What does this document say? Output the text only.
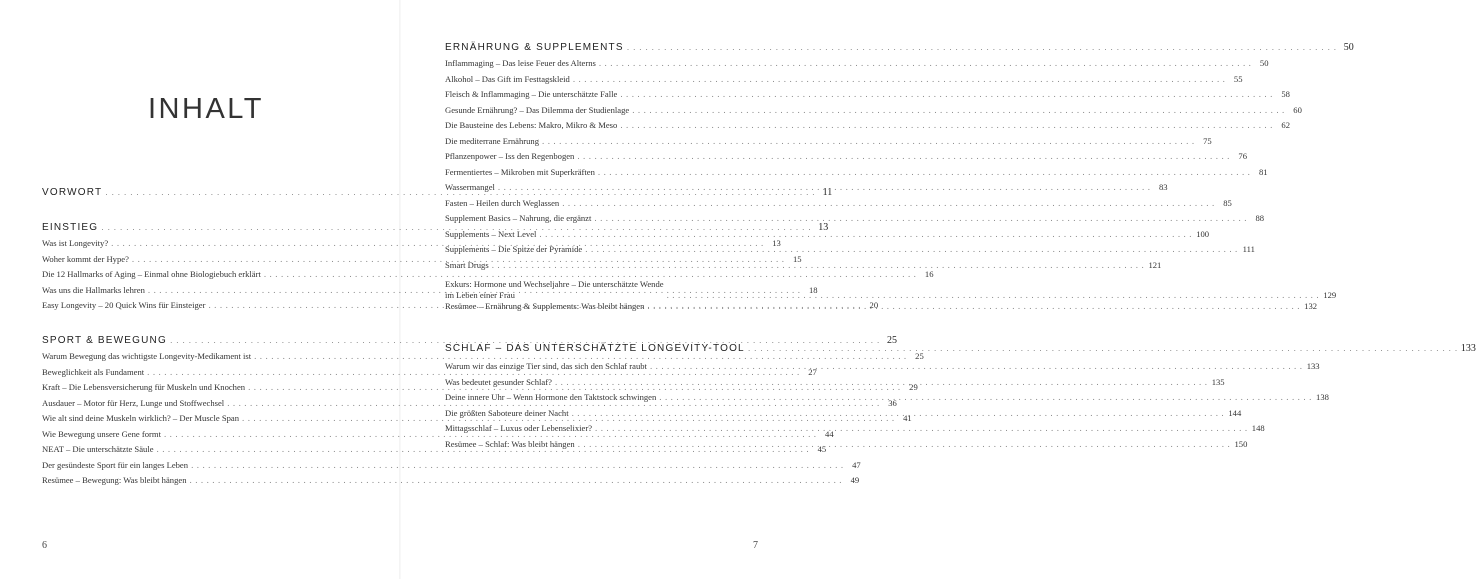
INHALT
VORWORT . . .	11
EINSTIEG . . .	13
Was ist Longevity? . . .	13
Woher kommt der Hype? . . .	15
Die 12 Hallmarks of Aging – Einmal ohne Biologiebuch erklärt . . .	16
Was uns die Hallmarks lehren . . .	18
Easy Longevity – 20 Quick Wins für Einsteiger . . .	20
SPORT & BEWEGUNG . . .	25
Warum Bewegung das wichtigste Longevity-Medikament ist . . .	25
Beweglichkeit als Fundament . . .	27
Kraft – Die Lebensversicherung für Muskeln und Knochen . . .	29
Ausdauer – Motor für Herz, Lunge und Stoffwechsel . . .	36
Wie alt sind deine Muskeln wirklich? – Der Muscle Span . . .	41
Wie Bewegung unsere Gene formt . . .	44
NEAT – Die unterschätzte Säule . . .	45
Der gesündeste Sport für ein langes Leben . . .	47
Resümee – Bewegung: Was bleibt hängen . . .	49
6
ERNÄHRUNG & SUPPLEMENTS . . .	50
Inflammaging – Das leise Feuer des Alterns . . .	50
Alkohol – Das Gift im Festtagskleid . . .	55
Fleisch & Inflammaging – Die unterschätzte Falle . . .	58
Gesunde Ernährung? – Das Dilemma der Studienlage . . .	60
Die Bausteine des Lebens: Makro, Mikro & Meso . . .	62
Die mediterrane Ernährung . . .	75
Pflanzenpower – Iss den Regenbogen . . .	76
Fermentiertes – Mikroben mit Superkräften . . .	81
Wassermangel . . .	83
Fasten – Heilen durch Weglassen . . .	85
Supplement Basics – Nahrung, die ergänzt . . .	88
Supplements – Next Level . . .	100
Supplements – Die Spitze der Pyramide . . .	111
Smart Drugs . . .	121
Exkurs: Hormone und Wechseljahre – Die unterschätzte Wende
im Leben einer Frau . . .	129
Resümee – Ernährung & Supplements: Was bleibt hängen . . .	132
SCHLAF – DAS UNTERSCHÄTZTE LONGEVITY-TOOL . . .	133
Warum wir das einzige Tier sind, das sich den Schlaf raubt . . .	133
Was bedeutet gesunder Schlaf? . . .	135
Deine innere Uhr – Wenn Hormone den Taktstock schwingen . . .	138
Die größten Saboteure deiner Nacht . . .	144
Mittagsschlaf – Luxus oder Lebenselixier? . . .	148
Resümee – Schlaf: Was bleibt hängen . . .	150
7
